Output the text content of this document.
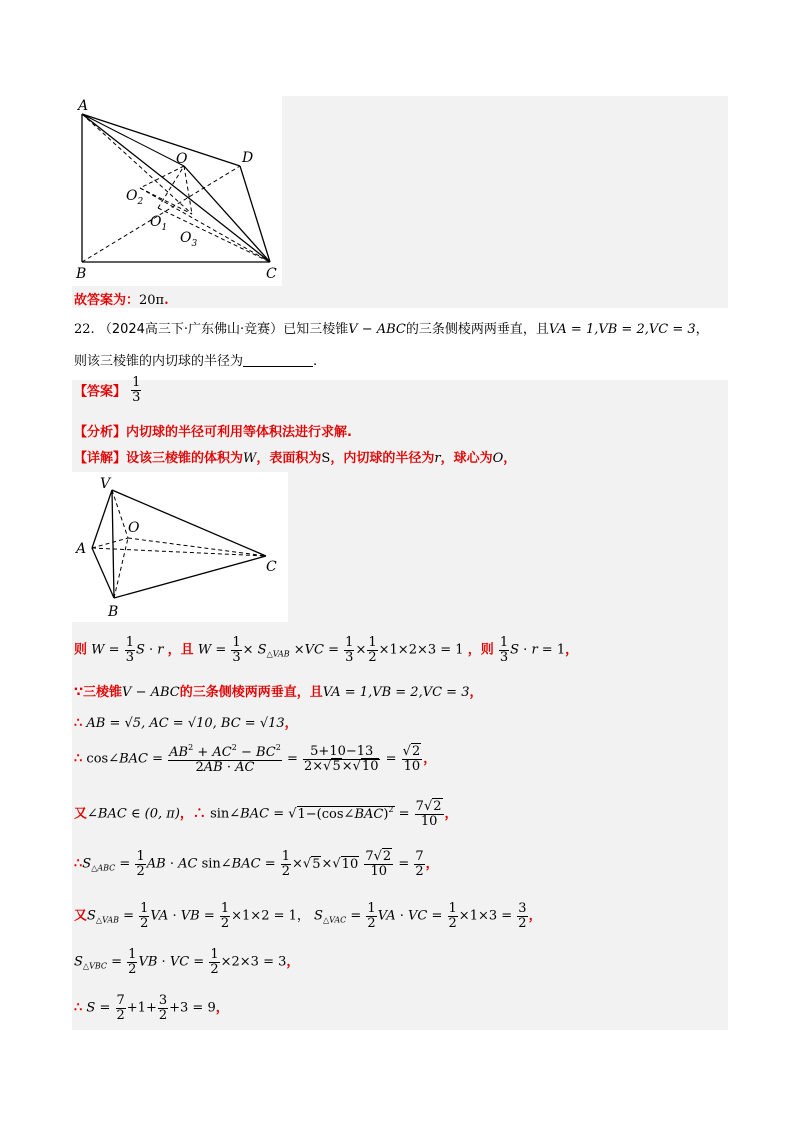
A
B	C
D
O
$O_2$
$O_1$
$O_3$
故答案为：20π.
22. （2024高三下·广东佛山·竞赛）已知三棱锥V − ABC的三条侧棱两两垂直，且VA = 1,VB = 2,VC = 3，
则该三棱锥的内切球的半径为	.
【答案】 $\frac{1}{3}$
【分析】内切球的半径可利用等体积法进行求解.
【详解】设该三棱锥的体积为W，表面积为S，内切球的半径为r，球心为O，
V
A
B
C
O
则 $W = \frac{1}{3}$ S · r ，且 $W = \frac{1}{3} \times S_{\triangle VAB} \times VC = \frac{1}{3} \times \frac{1}{2} \times 1\times 2\times 3 = 1$ ，则 $\frac{1}{3}$ S · r = 1，
∵三棱锥V − ABC的三条侧棱两两垂直，且VA = 1,VB = 2,VC = 3，
∴ AB = √5, AC = √10, BC = √13，
∴ cos∠BAC = $\frac{AB^2 + AC^2 - BC^2}{2AB \cdot AC} = \frac{5+10-13}{2\times√5\times√10} = \frac{√2}{10}$ ，
又∠BAC ∈ (0, π)，∴ sin∠BAC = √1−(cos∠BAC)$^2$ = $\frac{7√2}{10}$ ，
$\therefore S_{\triangle ABC} = \frac{1}{2}$ AB · AC sin∠BAC = $\frac{1}{2} \times√5\times√10 \frac{7√2}{10} = \frac{7}{2}$ ，
又$S_{\triangle VAB} = \frac{1}{2}$ VA · VB = $\frac{1}{2} \times 1\times 2 = 1$， $S_{\triangle VAC} = \frac{1}{2}$ VA · VC = $\frac{1}{2} \times 1\times 3 = \frac{3}{2}$ ，
$S_{\triangle VBC} = \frac{1}{2}$ VB · VC = $\frac{1}{2} \times 2\times 3 = 3$，
∴ $S = \frac{7}{2} +1+ \frac{3}{2} +3 = 9$，
